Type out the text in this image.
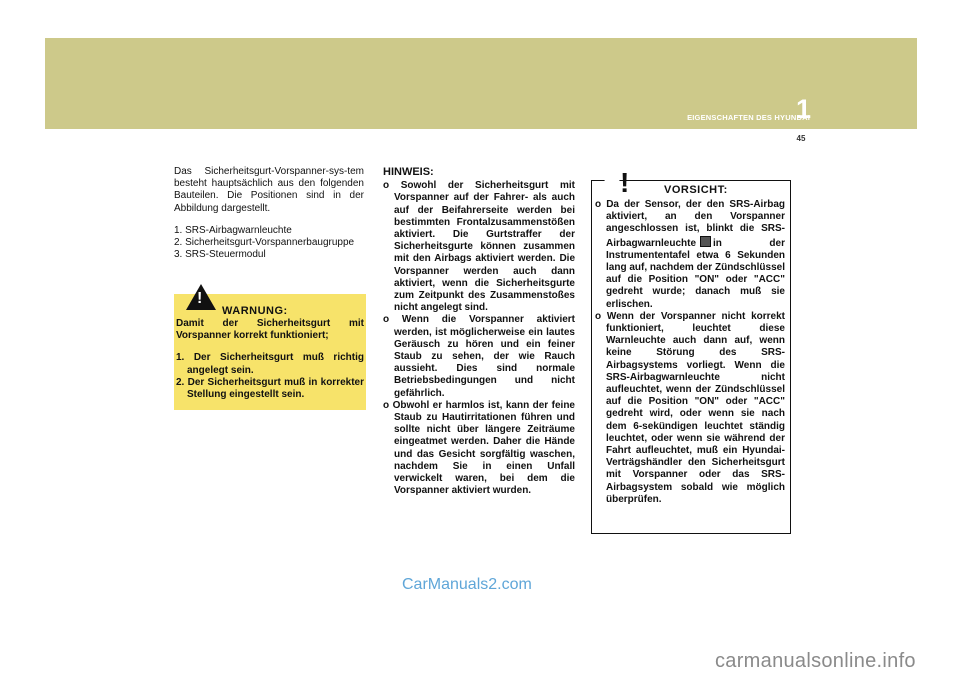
EIGENSCHAFTEN DES HYUNDAI
1
45

Das Sicherheitsgurt-Vorspanner-sys-tem besteht hauptsächlich aus den folgenden Bauteilen. Die Positionen sind in der Abbildung dargestellt.

1. SRS-Airbagwarnleuchte
2. Sicherheitsgurt-Vorspannerbaugruppe
3. SRS-Steuermodul
!
WARNUNG:
Damit der Sicherheitsgurt mit Vorspanner korrekt funktioniert;
1. Der Sicherheitsgurt muß richtig angelegt sein.
2. Der Sicherheitsgurt muß in korrekter Stellung eingestellt sein.
HINWEIS:
o Sowohl der Sicherheitsgurt mit Vorspanner auf der Fahrer- als auch auf der Beifahrerseite werden bei bestimmten Frontalzusammenstößen aktiviert. Die Gurtstraffer der Sicherheitsgurte können zusammen mit den Airbags aktiviert werden. Die Vorspanner werden auch dann aktiviert, wenn die Sicherheitsgurte zum Zeitpunkt des Zusammenstoßes nicht angelegt sind.
o Wenn die Vorspanner aktiviert werden, ist möglicherweise ein lautes Geräusch zu hören und ein feiner Staub zu sehen, der wie Rauch aussieht. Dies sind normale Betriebsbedingungen und nicht gefährlich.
o Obwohl er harmlos ist, kann der feine Staub zu Hautirritationen führen und sollte nicht über längere Zeiträume eingeatmet werden. Daher die Hände und das Gesicht sorgfältig waschen, nachdem Sie in einen Unfall verwickelt waren, bei dem die Vorspanner aktiviert wurden.
!	VORSICHT:
o Da der Sensor, der den SRS-Airbag aktiviert, an den Vorspanner angeschlossen ist, blinkt die SRS-Airbagwarnleuchte in der Instrumententafel etwa 6 Sekunden lang auf, nachdem der Zündschlüssel auf die Position "ON" oder "ACC" gedreht wurde; danach muß sie erlischen.
o Wenn der Vorspanner nicht korrekt funktioniert, leuchtet diese Warnleuchte auch dann auf, wenn keine Störung des SRS-Airbagsystems vorliegt. Wenn die SRS-Airbagwarnleuchte nicht aufleuchtet, wenn der Zündschlüssel auf die Position "ON" oder "ACC" gedreht wird, oder wenn sie nach dem 6-sekündigen leuchtet ständig leuchtet, oder wenn sie während der Fahrt aufleuchtet, muß ein Hyundai-Verträgshändler den Sicherheitsgurt mit Vorspanner oder das SRS-Airbagsystem sobald wie möglich überprüfen.
CarManuals2.com
carmanualsonline.info
